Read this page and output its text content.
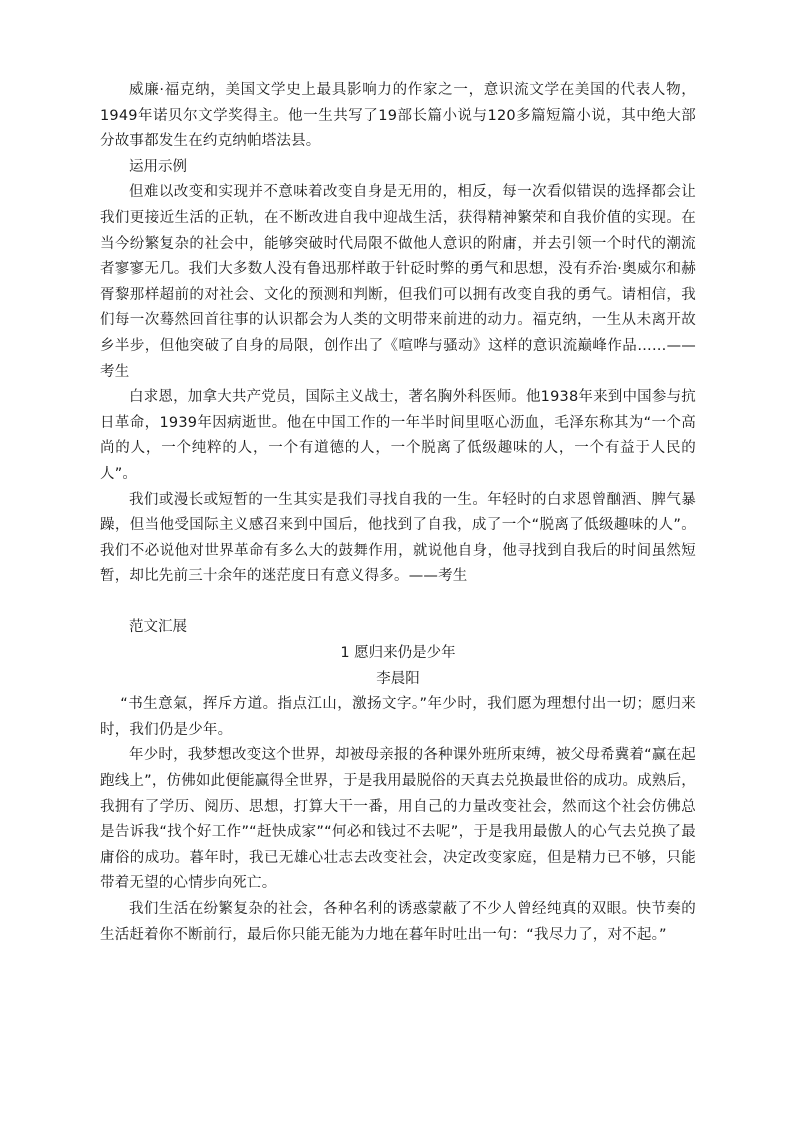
威廉·福克纳，美国文学史上最具影响力的作家之一，意识流文学在美国的代表人物，1949年诺贝尔文学奖得主。他一生共写了19部长篇小说与120多篇短篇小说，其中绝大部分故事都发生在约克纳帕塔法县。

运用示例

但难以改变和实现并不意味着改变自身是无用的，相反，每一次看似错误的选择都会让我们更接近生活的正轨，在不断改进自我中迎战生活，获得精神繁荣和自我价值的实现。在当今纷繁复杂的社会中，能够突破时代局限不做他人意识的附庸，并去引领一个时代的潮流者寥寥无几。我们大多数人没有鲁迅那样敢于针砭时弊的勇气和思想，没有乔治·奥威尔和赫胥黎那样超前的对社会、文化的预测和判断，但我们可以拥有改变自我的勇气。请相信，我们每一次蓦然回首往事的认识都会为人类的文明带来前进的动力。福克纳，一生从未离开故乡半步，但他突破了自身的局限，创作出了《喧哗与骚动》这样的意识流巅峰作品……——考生

白求恩，加拿大共产党员，国际主义战士，著名胸外科医师。他1938年来到中国参与抗日革命，1939年因病逝世。他在中国工作的一年半时间里呕心沥血，毛泽东称其为“一个高尚的人，一个纯粹的人，一个有道德的人，一个脱离了低级趣味的人，一个有益于人民的人”。

我们或漫长或短暂的一生其实是我们寻找自我的一生。年轻时的白求恩曾酗酒、脾气暴躁，但当他受国际主义感召来到中国后，他找到了自我，成了一个“脱离了低级趣味的人”。我们不必说他对世界革命有多么大的鼓舞作用，就说他自身，他寻找到自我后的时间虽然短暂，却比先前三十余年的迷茫度日有意义得多。——考生

范文汇展

1 愿归来仍是少年

李晨阳

“书生意氣，挥斥方道。指点江山，激扬文字。”年少时，我们愿为理想付出一切；愿归来时，我们仍是少年。

年少时，我梦想改变这个世界，却被母亲报的各种课外班所束缚，被父母希冀着“赢在起跑线上”，仿佛如此便能赢得全世界，于是我用最脱俗的天真去兑换最世俗的成功。成熟后，我拥有了学历、阅历、思想，打算大干一番，用自己的力量改变社会，然而这个社会仿佛总是告诉我“找个好工作”“赶快成家”“何必和钱过不去呢”，于是我用最傲人的心气去兑换了最庸俗的成功。暮年时，我已无雄心壮志去改变社会，决定改变家庭，但是精力已不够，只能带着无望的心情步向死亡。

我们生活在纷繁复杂的社会，各种名利的诱惑蒙蔽了不少人曾经纯真的双眼。快节奏的生活赶着你不断前行，最后你只能无能为力地在暮年时吐出一句：“我尽力了，对不起。”
